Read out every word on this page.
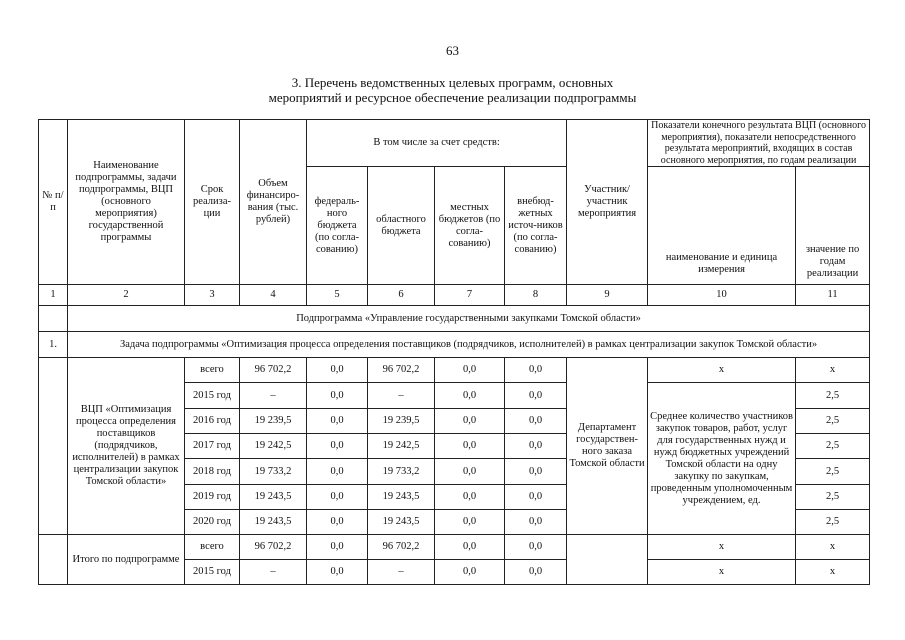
63
3. Перечень ведомственных целевых программ, основных
мероприятий и ресурсное обеспечение реализации подпрограммы
№ п/п	Наименование подпрограммы, задачи подпрограммы, ВЦП (основного мероприятия) государственной программы	Срок реализа-ции	Объем финансиро-вания (тыс. рублей)	В том числе за счет средств:				Участник/ участник мероприятия	Показатели конечного результата ВЦП (основного мероприятия), показатели непосредственного результата мероприятий, входящих в состав основного мероприятия, по годам реализации	
				федераль-ного бюджета (по согла-сованию)	областного бюджета	местных бюджетов (по согла-сованию)	внебюд-жетных источ-ников (по согла-сованию)		наименование и единица измерения	значение по годам реализации
1	2	3	4	5	6	7	8	9	10	11
	Подпрограмма «Управление государственными закупками Томской области»									
1.	Задача подпрограммы «Оптимизация процесса определения поставщиков (подрядчиков, исполнителей) в рамках централизации закупок Томской области»									
	ВЦП «Оптимизация процесса определения поставщиков (подрядчиков, исполнителей) в рамках централизации закупок Томской области»	всего	96 702,2	0,0	96 702,2	0,0	0,0	Департамент государствен-ного заказа Томской области	х	х
		2015 год	–	0,0	–	0,0	0,0		Среднее количество участников закупок товаров, работ, услуг для государственных нужд и нужд бюджетных учреждений Томской области на одну закупку по закупкам, проведенным уполномоченным учреждением, ед.	2,5
		2016 год	19 239,5	0,0	19 239,5	0,0	0,0			2,5
		2017 год	19 242,5	0,0	19 242,5	0,0	0,0			2,5
		2018 год	19 733,2	0,0	19 733,2	0,0	0,0			2,5
		2019 год	19 243,5	0,0	19 243,5	0,0	0,0			2,5
		2020 год	19 243,5	0,0	19 243,5	0,0	0,0			2,5
	Итого по подпрограмме	всего	96 702,2	0,0	96 702,2	0,0	0,0		х	х
		2015 год	–	0,0	–	0,0	0,0		х	х
